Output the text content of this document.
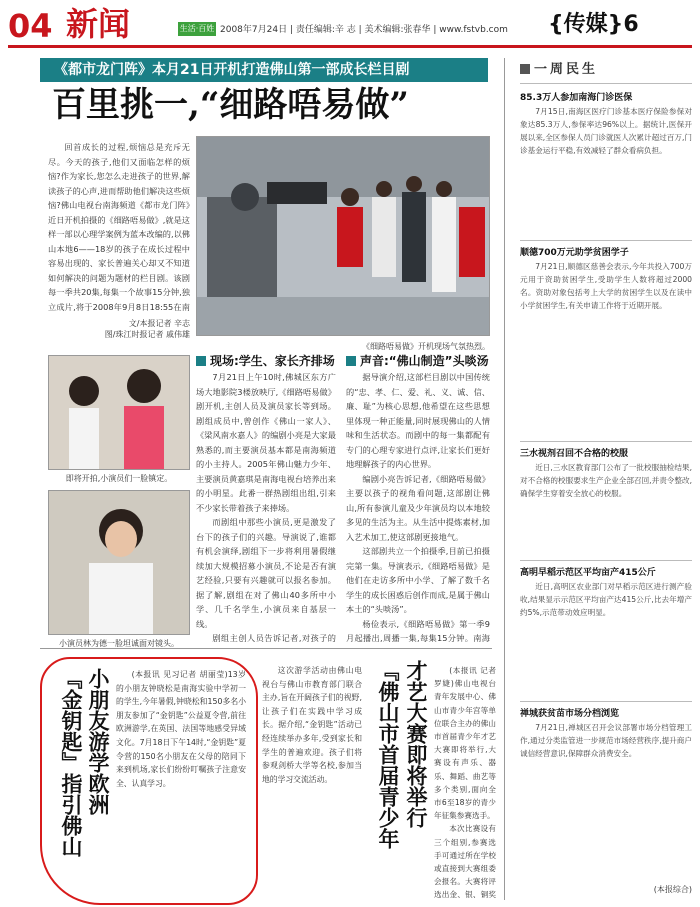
04 新闻	生活·百姓 2008年7月24日 | 责任编辑:辛 志 | 美术编辑:张春华 | www.fstvb.com {传媒}6
《都市龙门阵》本月21日开机打造佛山第一部成长栏目剧
百里挑一,“细路唔易做”

回首成长的过程,烦恼总是充斥无尽。今天的孩子,他们又面临怎样的烦恼?作为家长,您怎么走进孩子的世界,解读孩子的心声,进而帮助他们解决这些烦恼?佛山电视台南海频道《都市龙门阵》近日开机拍摄的《细路唔易做》,就是这样一部以心理学案例为蓝本改编的,以佛山本地6——18岁的孩子在成长过程中容易出现的、家长普遍关心却又不知道如何解决的问题为题材的栏目剧。该剧每一季共20集,每集一个故事15分钟,独立成片,将于2008年9月8日18:55在南

文/本报记者 辛志
图/珠江时报记者 戚伟雄
《细路唔易做》开机现场气氛热烈。
即将开拍,小演员们一脸镇定。
小演员林为德一脸坦诚面对镜头。
现场:学生、家长齐排场

7月21日上午10时,佛城区东方广场大地影院3楼放映厅,《细路唔易做》剧开机,主创人员及演员家长等到场。剧组成员中,曾创作《佛山一家人》、《梁风南水嘉人》的编剧小亮是大家最熟悉的,而主要演员基本都是南海频道的小主持人。2005年佛山魅力少年、主要演员黄嘉琪是南海电视台培养出来的小明星。此番一群热剧组出组,引来不少家长带着孩子来捧场。

而剧组中那些小演员,更是激发了台下的孩子们的兴趣。导演说了,谁都有机会演绎,剧组下一步将利用暑假继续加大规模招募小演员,不论是否有演艺经验,只要有兴趣就可以报名参加。据了解,剧组在对了佛山40多所中小学、几千名学生,小演员来自基层一线。

剧组主创人员告诉记者,对孩子的

声音:“佛山制造”头啖汤

据导演介绍,这部栏目剧以中国传统的“忠、孝、仁、爱、礼、义、诚、信、廉、耻”为核心思想,他希望在这些思想里体现一种正能量,同时展现佛山的人情味和生活状态。而剧中的每一集都配有专门的心理专家进行点评,让家长们更好地理解孩子的内心世界。

编剧小亮告诉记者,《细路唔易做》主要以孩子的视角看问题,这部剧让佛山,所有参演儿童及少年演员均以本地较多见的生活为主。从生活中提炼素材,加入艺术加工,使这部剧更接地气。

这部剧共立一个拍摄季,目前已拍摄完第一集。导演表示,《细路唔易做》是他们在走访多所中小学、了解了数千名学生的成长困惑后创作而成,是属于佛山本土的“头啖汤”。

杨俭表示,《细路唔易做》第一季9月起播出,周播一集,每集15分钟。南海

一周民生
85.3万人参加南海门诊医保

7月15日,南海区医疗门诊基本医疗保险参保对象达85.3万人,参保率达96%以上。据统计,医保开展以来,全区参保人员门诊就医人次累计超过百万,门诊基金运行平稳,有效减轻了群众看病负担。

顺德700万元助学贫困学子

7月21日,顺德区慈善会表示,今年共投入700万元用于资助贫困学生,受助学生人数将超过2000名。资助对象包括考上大学的贫困学生以及在读中小学贫困学生,有关申请工作将于近期开展。

三水视剂召回不合格的校服

近日,三水区教育部门公布了一批校服抽检结果,对不合格的校服要求生产企业全部召回,并责令整改,确保学生穿着安全放心的校服。

高明早稻示范区平均亩产415公斤

近日,高明区农业部门对早稻示范区进行测产验收,结果显示示范区平均亩产达415公斤,比去年增产约5%,示范带动效应明显。

禅城获贫苗市场分档浏览

7月21日,禅城区召开会议部署市场分档管理工作,通过分类监管进一步规范市场经营秩序,提升商户诚信经营意识,保障群众消费安全。

(本报综合)
小朋友游学欧洲
『金钥匙』指引佛山	(本报讯 见习记者 胡丽莹)13岁的小朋友钟晓松是南海实验中学初一的学生,今年暑假,钟晓松和150多名小朋友参加了“金钥匙”公益夏令营,前往欧洲游学,在英国、法国等地感受异域文化。7月18日下午14时,“金钥匙”夏令营的150名小朋友在父母的陪同下来到机场,家长们纷纷叮嘱孩子注意安全、认真学习。

这次游学活动由佛山电视台与佛山市教育部门联合主办,旨在开阔孩子们的视野,让孩子们在实践中学习成长。据介绍,“金钥匙”活动已经连续举办多年,受到家长和学生的普遍欢迎。孩子们将参观剑桥大学等名校,参加当地的学习交流活动。

才艺大赛即将举行
『佛山市首届青少年	(本报讯 记者 罗婕)佛山电视台青年发展中心、佛山市青少年宫等单位联合主办的佛山市首届青少年才艺大赛即将举行,大赛设有声乐、器乐、舞蹈、曲艺等多个类别,面向全市6至18岁的青少年征集参赛选手。

本次比赛设有三个组别,参赛选手可通过所在学校或直接到大赛组委会报名。大赛将评选出金、银、铜奖
